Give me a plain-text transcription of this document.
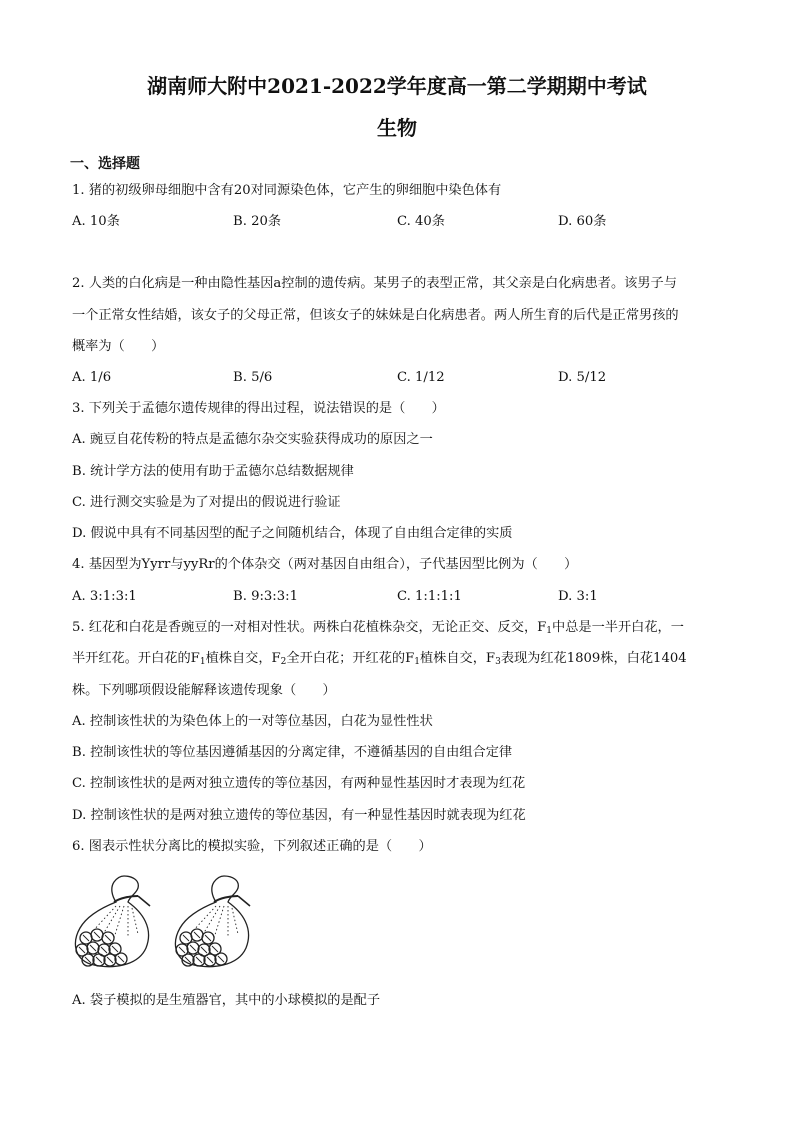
湖南师大附中2021-2022学年度高一第二学期期中考试
生物
一、选择题
1. 猪的初级卵母细胞中含有20对同源染色体，它产生的卵细胞中染色体有
A. 10条	B. 20条	C. 40条	D. 60条
2. 人类的白化病是一种由隐性基因a控制的遗传病。某男子的表型正常，其父亲是白化病患者。该男子与
一个正常女性结婚，该女子的父母正常，但该女子的妹妹是白化病患者。两人所生育的后代是正常男孩的
概率为（　　）
A. 1/6	B. 5/6	C. 1/12	D. 5/12
3. 下列关于孟德尔遗传规律的得出过程，说法错误的是（　　）
A. 豌豆自花传粉的特点是孟德尔杂交实验获得成功的原因之一
B. 统计学方法的使用有助于孟德尔总结数据规律
C. 进行测交实验是为了对提出的假说进行验证
D. 假说中具有不同基因型的配子之间随机结合，体现了自由组合定律的实质
4. 基因型为Yyrr与yyRr的个体杂交（两对基因自由组合），子代基因型比例为（　　）
A. 3:1:3:1	B. 9:3:3:1	C. 1:1:1:1	D. 3:1
5. 红花和白花是香豌豆的一对相对性状。两株白花植株杂交，无论正交、反交，$F_1$中总是一半开白花，一
半开红花。开白花的$F_1$植株自交，$F_2$全开白花；开红花的$F_1$植株自交，$F_3$表现为红花1809株，白花1404
株。下列哪项假设能解释该遗传现象（　　）
A. 控制该性状的为染色体上的一对等位基因，白花为显性性状
B. 控制该性状的等位基因遵循基因的分离定律，不遵循基因的自由组合定律
C. 控制该性状的是两对独立遗传的等位基因，有两种显性基因时才表现为红花
D. 控制该性状的是两对独立遗传的等位基因，有一种显性基因时就表现为红花
6. 图表示性状分离比的模拟实验，下列叙述正确的是（　　）
A. 袋子模拟的是生殖器官，其中的小球模拟的是配子
